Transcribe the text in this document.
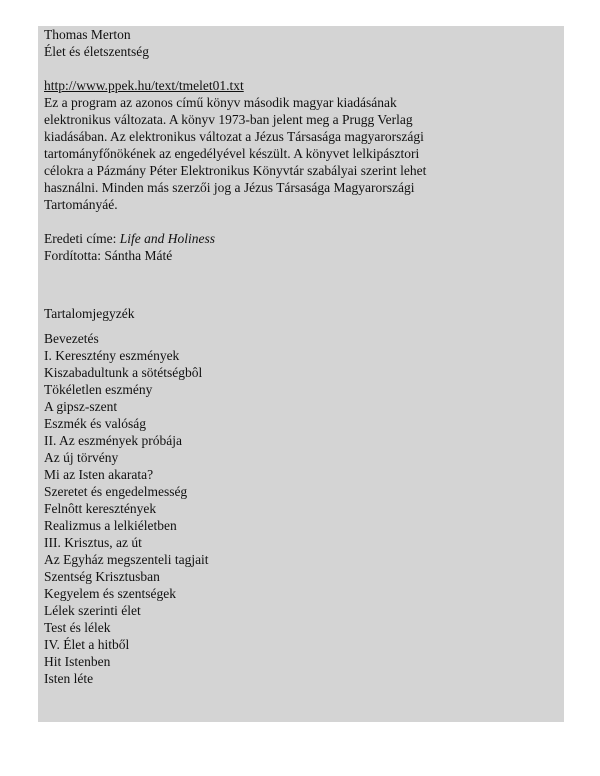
Thomas Merton
Élet és életszentség
http://www.ppek.hu/text/tmelet01.txt
Ez a program az azonos című könyv második magyar kiadásának
elektronikus változata. A könyv 1973-ban jelent meg a Prugg Verlag
kiadásában. Az elektronikus változat a Jézus Társasága magyarországi
tartományfőnökének az engedélyével készült. A könyvet lelkipásztori
célokra a Pázmány Péter Elektronikus Könyvtár szabályai szerint lehet
használni. Minden más szerzői jog a Jézus Társasága Magyarországi
Tartományáé.
Eredeti címe: Life and Holiness
Fordította: Sántha Máté
Tartalomjegyzék
Bevezetés
I. Keresztény eszmények
Kiszabadultunk a sötétségbôl
Tökéletlen eszmény
A gipsz-szent
Eszmék és valóság
II. Az eszmények próbája
Az új törvény
Mi az Isten akarata?
Szeretet és engedelmesség
Felnôtt keresztények
Realizmus a lelkiéletben
III. Krisztus, az út
Az Egyház megszenteli tagjait
Szentség Krisztusban
Kegyelem és szentségek
Lélek szerinti élet
Test és lélek
IV. Élet a hitből
Hit Istenben
Isten léte
